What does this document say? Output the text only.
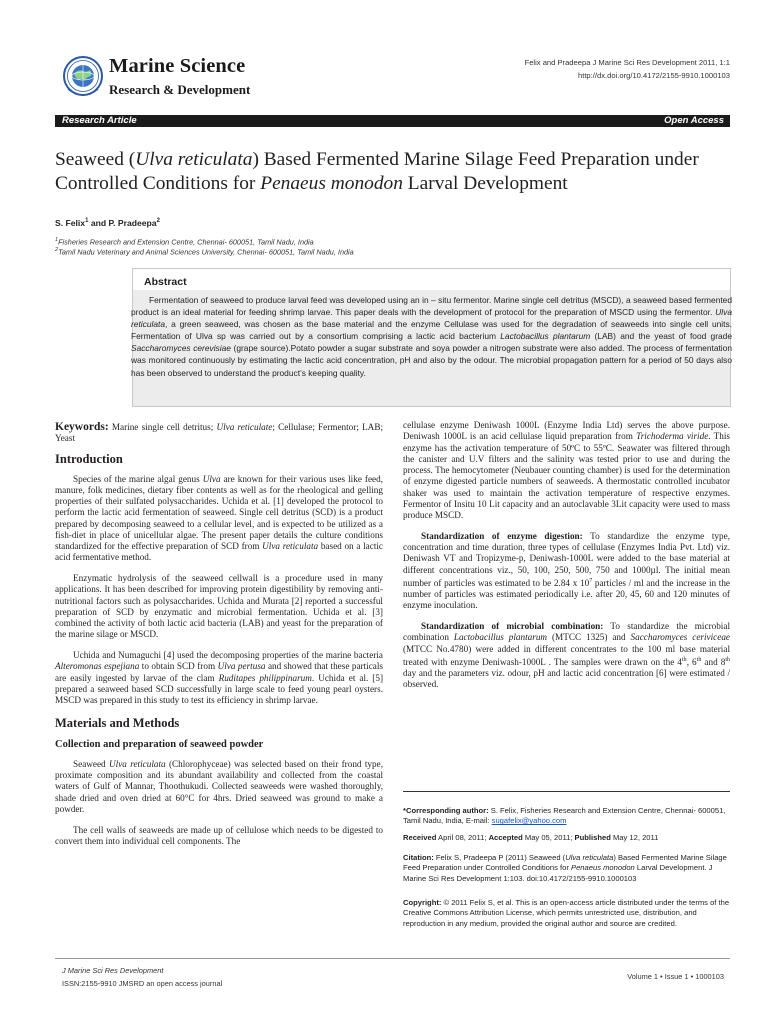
Marine Science
Research & Development
Felix and Pradeepa J Marine Sci Res Development 2011, 1:1
http://dx.doi.org/10.4172/2155-9910.1000103
Research Article	Open Access
Seaweed (Ulva reticulata) Based Fermented Marine Silage Feed Preparation under Controlled Conditions for Penaeus monodon Larval Development
S. Felix$^1$ and P. Pradeepa$^2$
$^1$Fisheries Research and Extension Centre, Chennai- 600051, Tamil Nadu, India
$^2$Tamil Nadu Veterinary and Animal Sciences University, Chennai- 600051, Tamil Nadu, India
Abstract

Fermentation of seaweed to produce larval feed was developed using an in – situ fermentor. Marine single cell detritus (MSCD), a seaweed based fermented product is an ideal material for feeding shrimp larvae. This paper deals with the development of protocol for the preparation of MSCD using the fermentor. Ulva reticulata, a green seaweed, was chosen as the base material and the enzyme Cellulase was used for the degradation of seaweeds into single cell units. Fermentation of Ulva sp was carried out by a consortium comprising a lactic acid bacterium Lactobacillus plantarum (LAB) and the yeast of food grade Saccharomyces cerevisiae (grape source).Potato powder a sugar substrate and soya powder a nitrogen substrate were also added. The process of fermentation was monitored continuously by estimating the lactic acid concentration, pH and also by the odour. The microbial propagation pattern for a period of 50 days also has been observed to understand the product’s keeping quality.

Keywords: Marine single cell detritus; Ulva reticulate; Cellulase; Fermentor; LAB; Yeast

Introduction

Species of the marine algal genus Ulva are known for their various uses like feed, manure, folk medicines, dietary fiber contents as well as for the rheological and gelling properties of their sulfated polysaccharides. Uchida et al. [1] developed the protocol to perform the lactic acid fermentation of seaweed. Single cell detritus (SCD) is a product prepared by decomposing seaweed to a cellular level, and is expected to be utilized as a fish-diet in place of unicellular algae. The present paper details the culture conditions standardized for the effective preparation of SCD from Ulva reticulata based on a lactic acid fermentative method.

Enzymatic hydrolysis of the seaweed cellwall is a procedure used in many applications. It has been described for improving protein digestibility by removing anti-nutritional factors such as polysaccharides. Uchida and Murata [2] reported a successful preparation of SCD by enzymatic and microbial fermentation. Uchida et al. [3] combined the activity of both lactic acid bacteria (LAB) and yeast for the preparation of the marine silage or MSCD.

Uchida and Numaguchi [4] used the decomposing properties of the marine bacteria Alteromonas espejiana to obtain SCD from Ulva pertusa and showed that these particals are easily ingested by larvae of the clam Ruditapes philippinarum. Uchida et al. [5] prepared a seaweed based SCD successfully in large scale to feed young pearl oysters. MSCD was prepared in this study to test its efficiency in shrimp larvae.

Materials and Methods
Collection and preparation of seaweed powder

Seaweed Ulva reticulata (Chlorophyceae) was selected based on their frond type, proximate composition and its abundant availability and collected from the coastal waters of Gulf of Mannar, Thoothukudi. Collected seaweeds were washed thoroughly, shade dried and oven dried at 60°C for 4hrs. Dried seaweed was ground to make a powder.

The cell walls of seaweeds are made up of cellulose which needs to be digested to convert them into individual cell components. The

cellulase enzyme Deniwash 1000L (Enzyme India Ltd) serves the above purpose. Deniwash 1000L is an acid cellulase liquid preparation from Trichoderma viride. This enzyme has the activation temperature of 50ºC to 55ºC. Seawater was filtered through the canister and U.V filters and the salinity was tested prior to use and during the process. The hemocytometer (Neubauer counting chamber) is used for the determination of enzyme digested particle numbers of seaweeds. A thermostatic controlled incubator shaker was used to maintain the activation temperature of respective enzymes. Fermentor of Insitu 10 Lit capacity and an autoclavable 3Lit capacity were used to mass produce MSCD.

Standardization of enzyme digestion: To standardize the enzyme type, concentration and time duration, three types of cellulase (Enzymes India Pvt. Ltd) viz. Deniwash VT and Tropizyme-p, Deniwash-1000L were added to the base material at different concentrations viz., 50, 100, 250, 500, 750 and 1000µl. The initial mean number of particles was estimated to be 2.84 x $10^7$ particles / ml and the increase in the number of particles was estimated periodically i.e. after 20, 45, 60 and 120 minutes of enzyme inoculation.

Standardization of microbial combination: To standardize the microbial combination Lactobacillus plantarum (MTCC 1325) and Saccharomyces ceriviceae (MTCC No.4780) were added in different concentrates to the 100 ml base material treated with enzyme Deniwash-1000L . The samples were drawn on the 4th, 6th and 8th day and the parameters viz. odour, pH and lactic acid concentration [6] were estimated / observed.

*Corresponding author: S. Felix, Fisheries Research and Extension Centre, Chennai- 600051, Tamil Nadu, India, E-mail: sugafelix@yahoo.com

Received April 08, 2011; Accepted May 05, 2011; Published May 12, 2011

Citation: Felix S, Pradeepa P (2011) Seaweed (Ulva reticulata) Based Fermented Marine Silage Feed Preparation under Controlled Conditions for Penaeus monodon Larval Development. J Marine Sci Res Development 1:103. doi:10.4172/2155-9910.1000103

Copyright: © 2011 Felix S, et al. This is an open-access article distributed under the terms of the Creative Commons Attribution License, which permits unrestricted use, distribution, and reproduction in any medium, provided the original author and source are credited.

J Marine Sci Res Development
ISSN:2155-9910 JMSRD an open access journal
Volume 1 • Issue 1 • 1000103
